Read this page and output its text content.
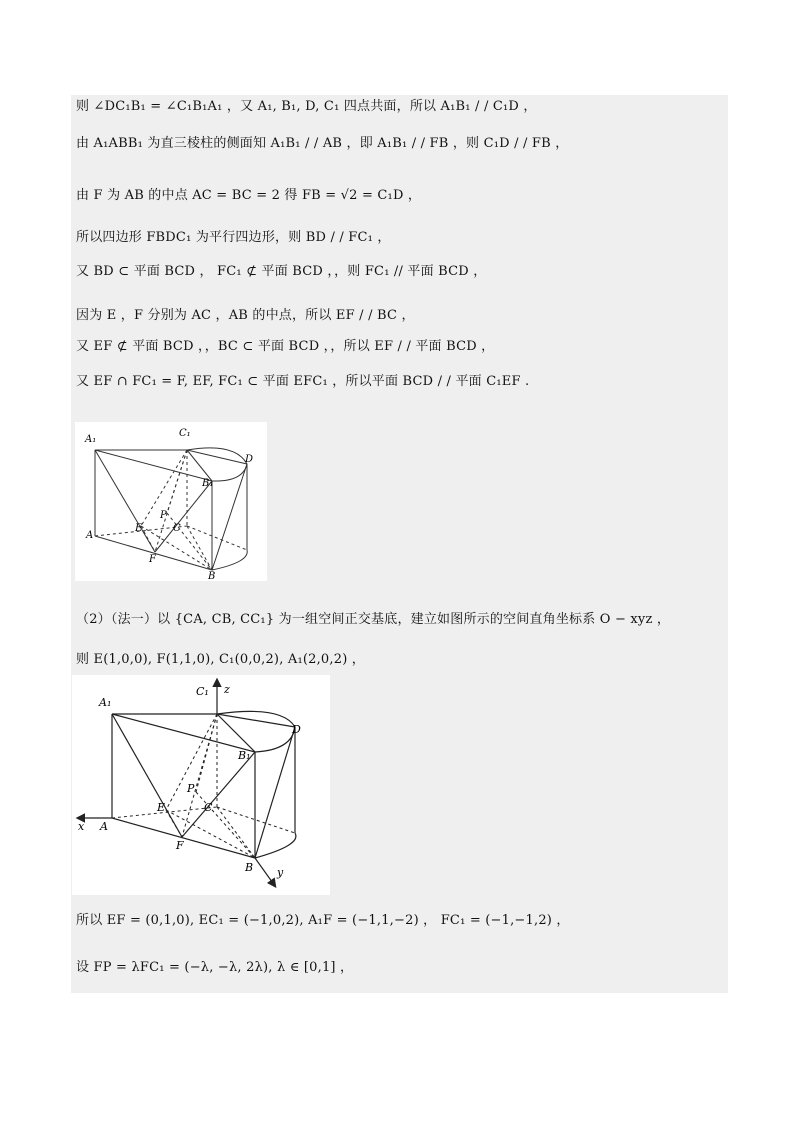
则 ∠DC₁B₁ = ∠C₁B₁A₁ ，又 A₁, B₁, D, C₁ 四点共面，所以 A₁B₁ / / C₁D ，
由 A₁ABB₁ 为直三棱柱的侧面知 A₁B₁ / / AB ，即 A₁B₁ / / FB ，则 C₁D / / FB ，
由 F 为 AB 的中点 AC = BC = 2 得 FB = √2 = C₁D ，
所以四边形 FBDC₁ 为平行四边形，则 BD / / FC₁ ，
又 BD ⊂ 平面 BCD ， FC₁ ⊄ 平面 BCD ，，则 FC₁ // 平面 BCD ，
因为 E ，F 分别为 AC ，AB 的中点，所以 EF / / BC ，
又 EF ⊄ 平面 BCD ，，BC ⊂ 平面 BCD ，，所以 EF / / 平面 BCD ，
又 EF ∩ FC₁ = F, EF, FC₁ ⊂ 平面 EFC₁ ，所以平面 BCD / / 平面 C₁EF .
A₁
C₁
D
B₁
P
E	C
A
F
B
（2）（法一）以 {CA, CB, CC₁} 为一组空间正交基底，建立如图所示的空间直角坐标系 O − xyz ，
则 E(1,0,0), F(1,1,0), C₁(0,0,2), A₁(2,0,2) ，
A₁
C₁ z
D
B₁
P
E	C
x A
F
B y
所以 EF = (0,1,0), EC₁ = (−1,0,2), A₁F = (−1,1,−2) ， FC₁ = (−1,−1,2) ，
设 FP = λFC₁ = (−λ, −λ, 2λ), λ ∈ [0,1] ，
